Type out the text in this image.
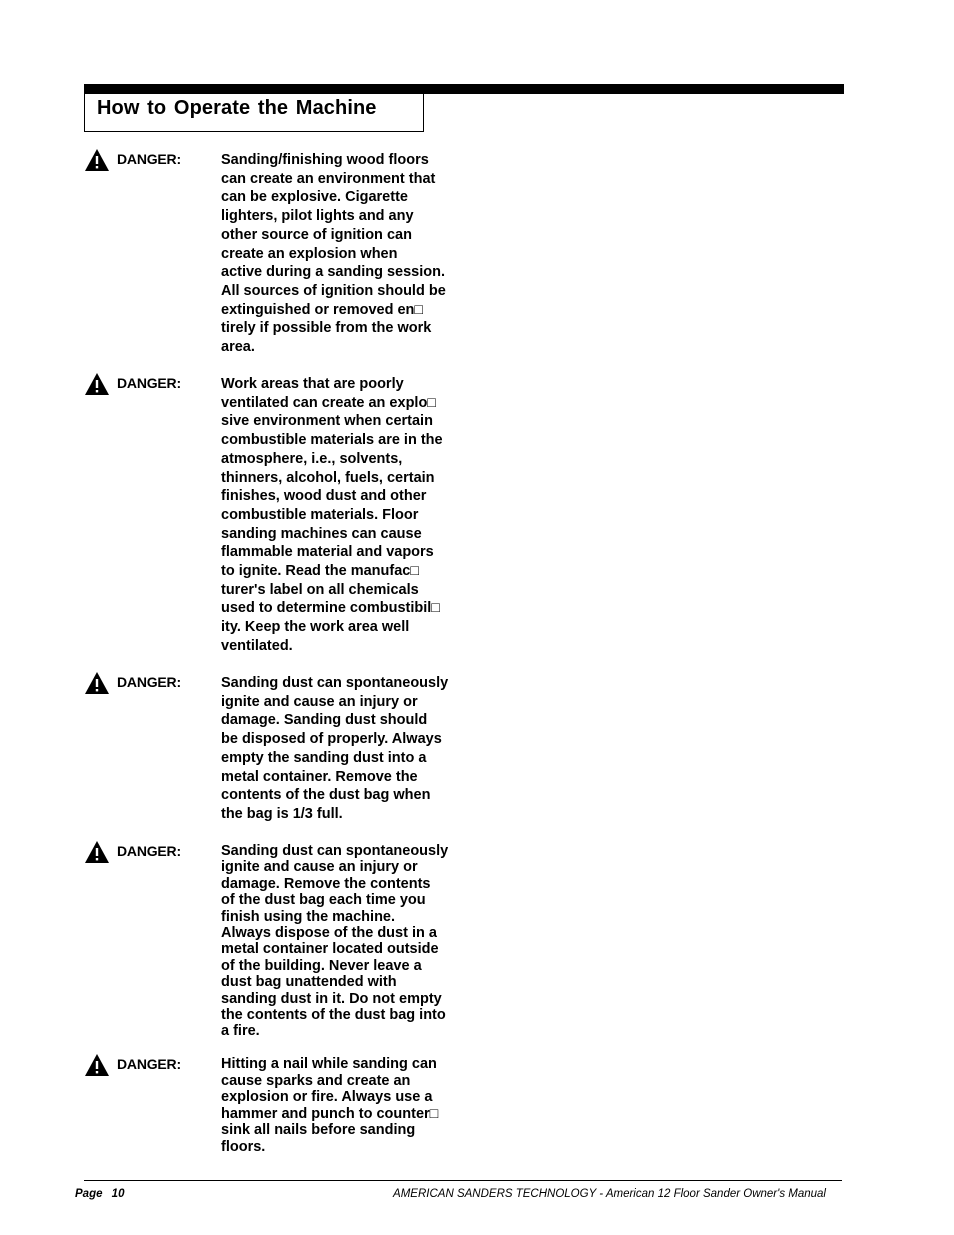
How to Operate the Machine
DANGER:	Sanding/finishing wood floors
can create an environment that
can be explosive. Cigarette
lighters, pilot lights and any
other source of ignition can
create an explosion when
active during a sanding session.
All sources of ignition should be
extinguished or removed en□
tirely if possible from the work
area.
DANGER:	Work areas that are poorly
ventilated can create an explo□
sive environment when certain
combustible materials are in the
atmosphere, i.e., solvents,
thinners, alcohol, fuels, certain
finishes, wood dust and other
combustible materials. Floor
sanding machines can cause
flammable material and vapors
to ignite. Read the manufac□
turer's label on all chemicals
used to determine combustibil□
ity. Keep the work area well
ventilated.
DANGER:	Sanding dust can spontaneously
ignite and cause an injury or
damage. Sanding dust should
be disposed of properly. Always
empty the sanding dust into a
metal container. Remove the
contents of the dust bag when
the bag is 1/3 full.
DANGER:	Sanding dust can spontaneously
ignite and cause an injury or
damage. Remove the contents
of the dust bag each time you
finish using the machine.
Always dispose of the dust in a
metal container located outside
of the building. Never leave a
dust bag unattended with
sanding dust in it. Do not empty
the contents of the dust bag into
a fire.
DANGER:	Hitting a nail while sanding can
cause sparks and create an
explosion or fire. Always use a
hammer and punch to counter□
sink all nails before sanding
floors.
Page 10	AMERICAN SANDERS TECHNOLOGY - American 12 Floor Sander Owner's Manual
